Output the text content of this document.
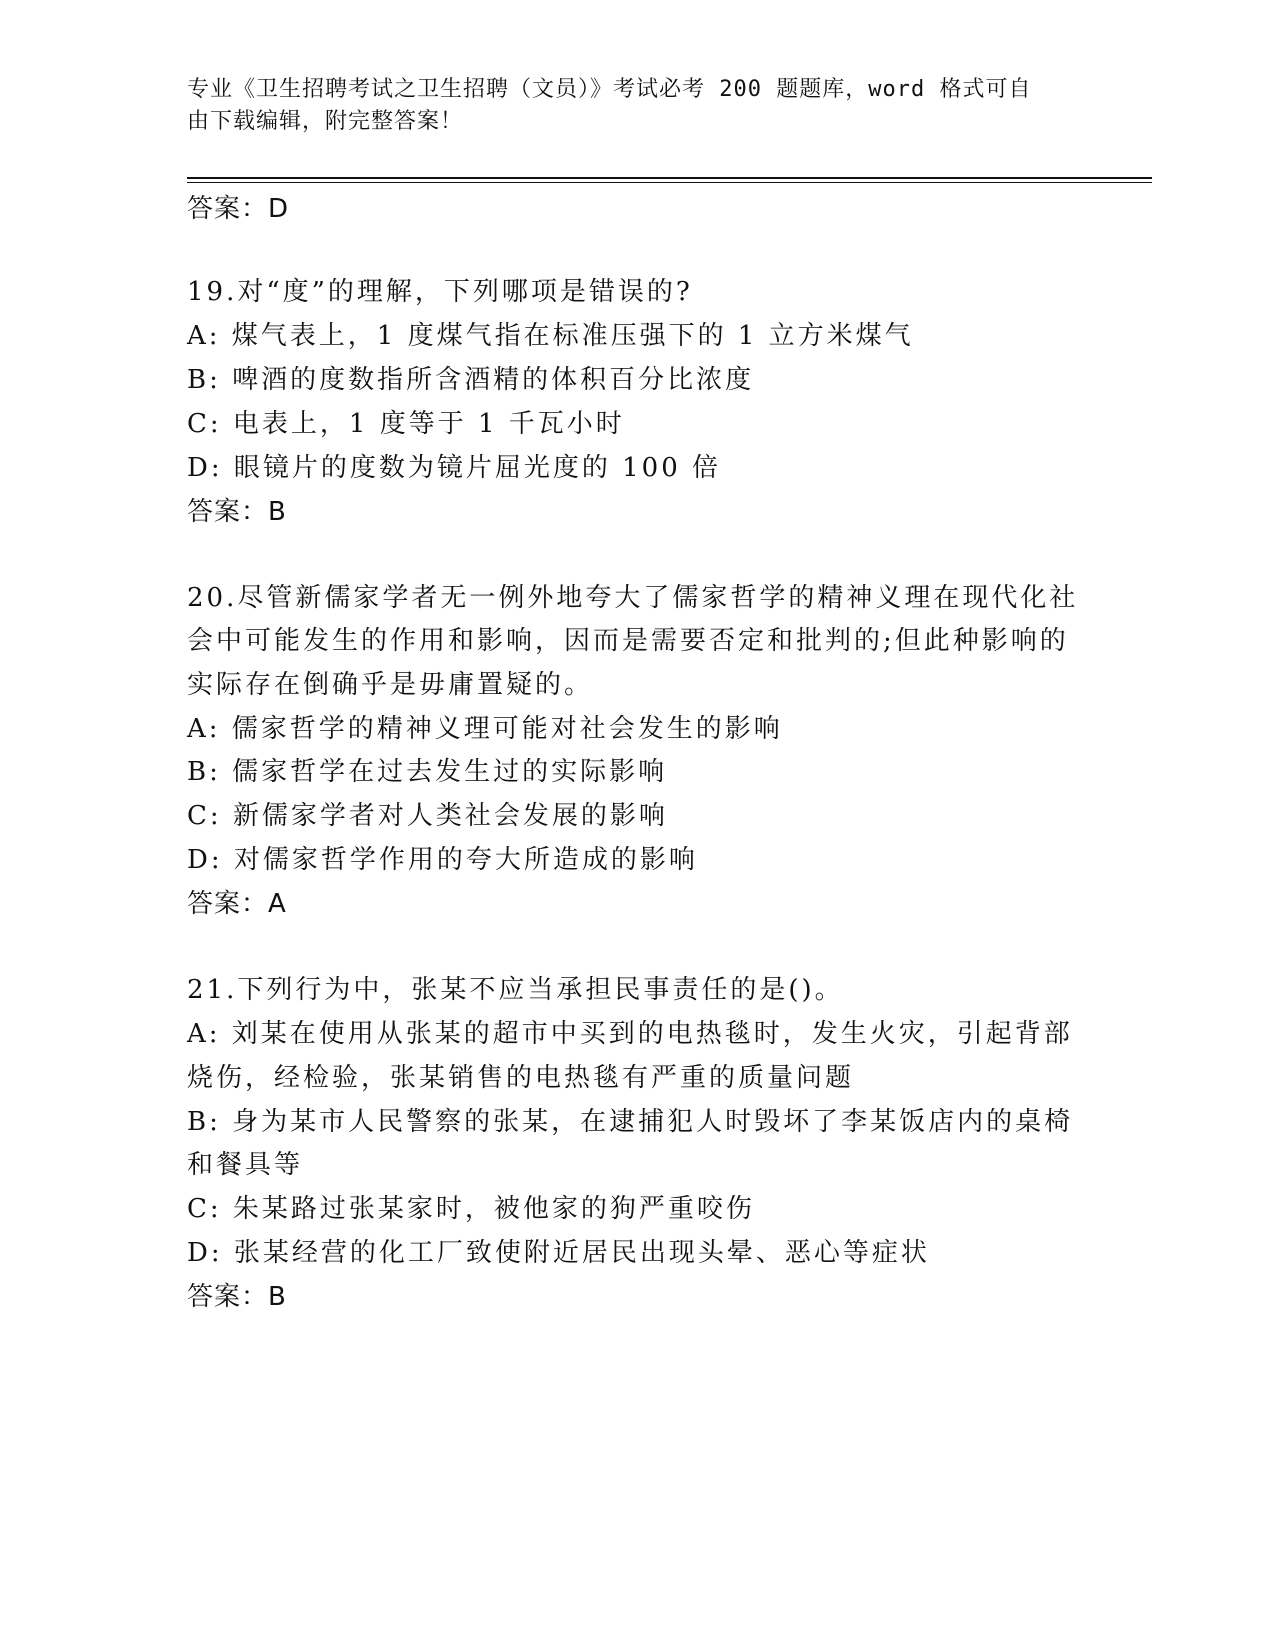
专业《卫生招聘考试之卫生招聘（文员）》考试必考 200 题题库，word 格式可自
由下载编辑，附完整答案！
答案：D
19.对“度”的理解，下列哪项是错误的?
A: 煤气表上，1 度煤气指在标准压强下的 1 立方米煤气
B: 啤酒的度数指所含酒精的体积百分比浓度
C: 电表上，1 度等于 1 千瓦小时
D: 眼镜片的度数为镜片屈光度的 100 倍
答案：B
20.尽管新儒家学者无一例外地夸大了儒家哲学的精神义理在现代化社
会中可能发生的作用和影响，因而是需要否定和批判的;但此种影响的
实际存在倒确乎是毋庸置疑的。
A: 儒家哲学的精神义理可能对社会发生的影响
B: 儒家哲学在过去发生过的实际影响
C: 新儒家学者对人类社会发展的影响
D: 对儒家哲学作用的夸大所造成的影响
答案：A
21.下列行为中，张某不应当承担民事责任的是()。
A: 刘某在使用从张某的超市中买到的电热毯时，发生火灾，引起背部
烧伤，经检验，张某销售的电热毯有严重的质量问题
B: 身为某市人民警察的张某，在逮捕犯人时毁坏了李某饭店内的桌椅
和餐具等
C: 朱某路过张某家时，被他家的狗严重咬伤
D: 张某经营的化工厂致使附近居民出现头晕、恶心等症状
答案：B
